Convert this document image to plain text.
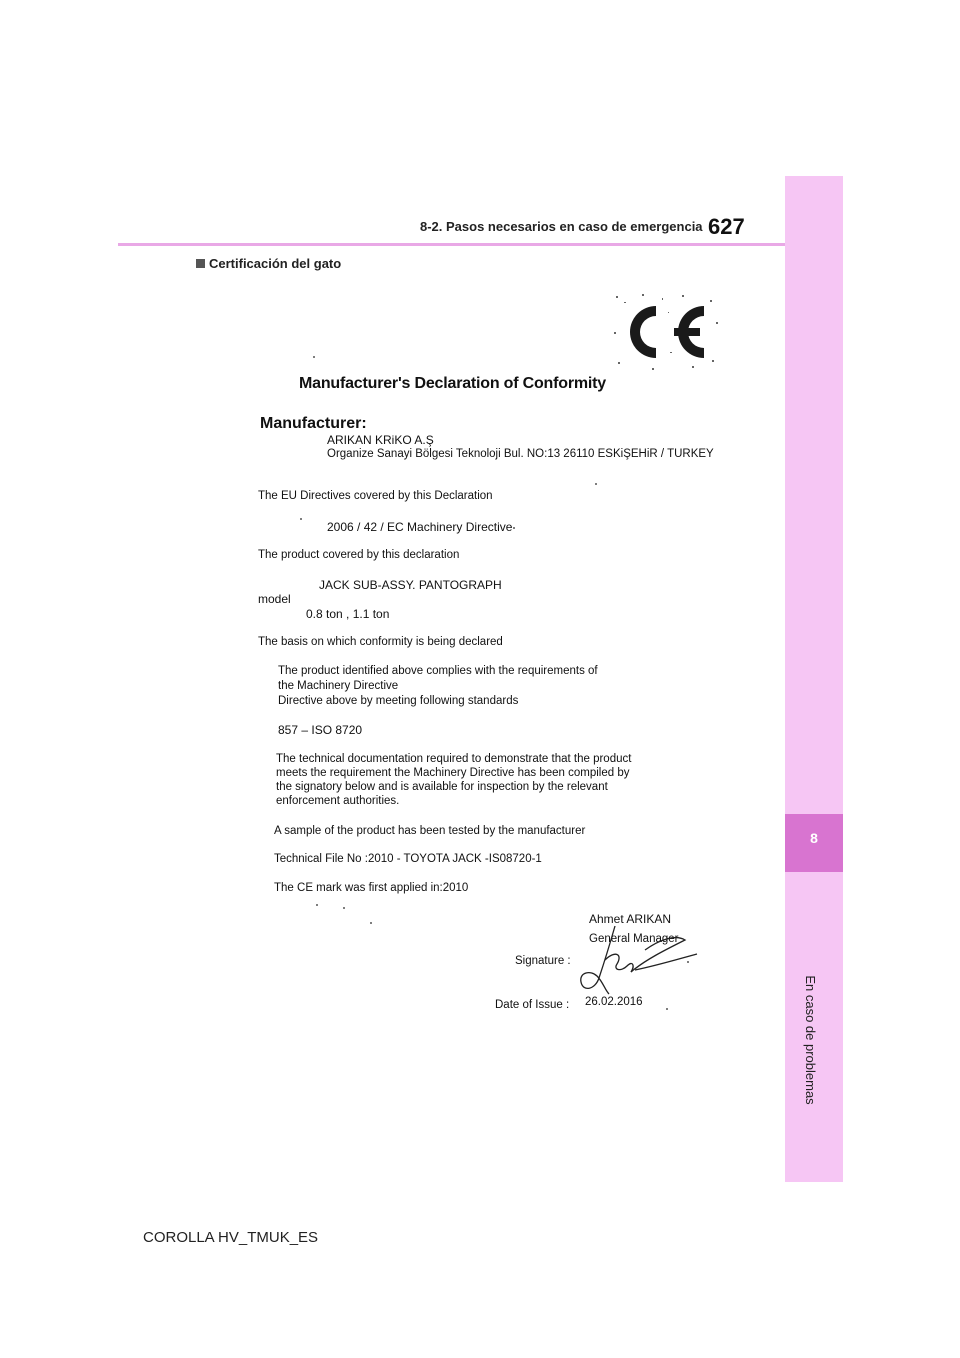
8-2. Pasos necesarios en caso de emergencia 627
8
En caso de problemas
Certificación del gato
Manufacturer's Declaration of Conformity
Manufacturer:
ARIKAN KRiKO A.Ş
Organize Sanayi Bölgesi Teknoloji Bul. NO:13 26110 ESKiŞEHiR / TURKEY
The EU Directives covered by this Declaration
2006 / 42 / EC Machinery Directive
The product covered by this declaration
JACK SUB-ASSY. PANTOGRAPH
model
0.8 ton , 1.1 ton
The basis on which conformity is being declared
The product identified above complies with the requirements of
the Machinery Directive
Directive above by meeting following standards
857 – ISO 8720
The technical documentation required to demonstrate that the product
meets the requirement the Machinery Directive has been compiled by
the signatory below and is available for inspection by the relevant
enforcement authorities.
A sample of the product has been tested by the manufacturer
Technical File No :2010 - TOYOTA JACK -IS08720-1
The CE mark was first applied in:2010
Ahmet ARIKAN
General Manager
Signature :
Date of Issue : 26.02.2016
COROLLA HV_TMUK_ES
